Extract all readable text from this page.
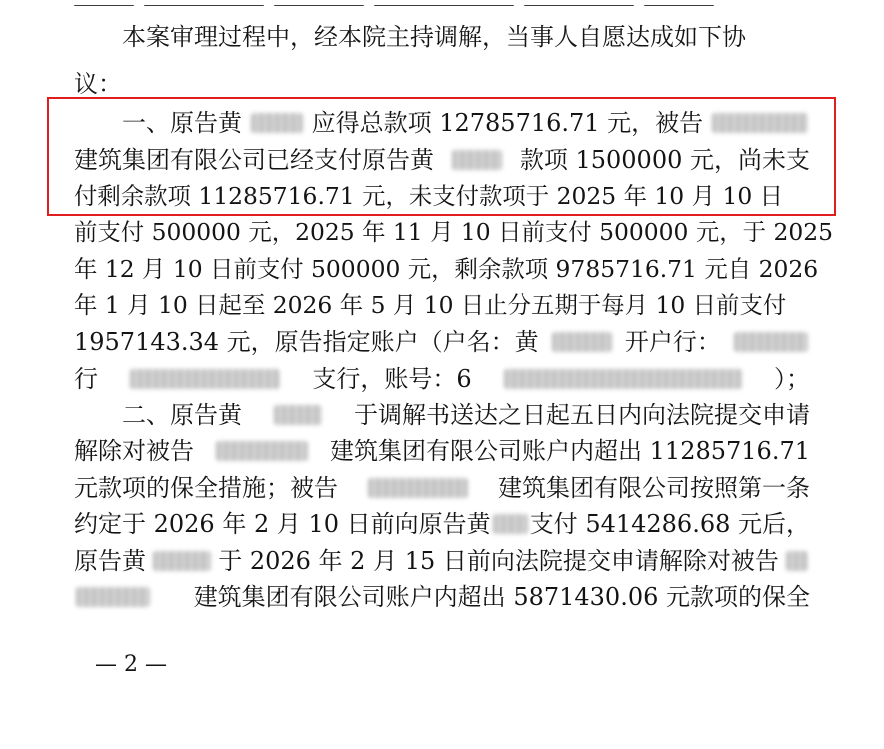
本案审理过程中，经本院主持调解，当事人自愿达成如下协
议：
一、原告黄	应得总款项 12785716.71 元，被告
建筑集团有限公司已经支付原告黄	款项 1500000 元，尚未支
付剩余款项 11285716.71 元，未支付款项于 2025 年 10 月 10 日
前支付 500000 元，2025 年 11 月 10 日前支付 500000 元，于 2025
年 12 月 10 日前支付 500000 元，剩余款项 9785716.71 元自 2026
年 1 月 10 日起至 2026 年 5 月 10 日止分五期于每月 10 日前支付
1957143.34 元，原告指定账户（户名：黄	开户行：
行	支行，账号：6	）；
二、原告黄	于调解书送达之日起五日内向法院提交申请
解除对被告	建筑集团有限公司账户内超出 11285716.71
元款项的保全措施；被告	建筑集团有限公司按照第一条
约定于 2026 年 2 月 10 日前向原告黄 支付 5414286.68 元后，
原告黄	于 2026 年 2 月 15 日前向法院提交申请解除对被告
建筑集团有限公司账户内超出 5871430.06 元款项的保全
— 2 —
